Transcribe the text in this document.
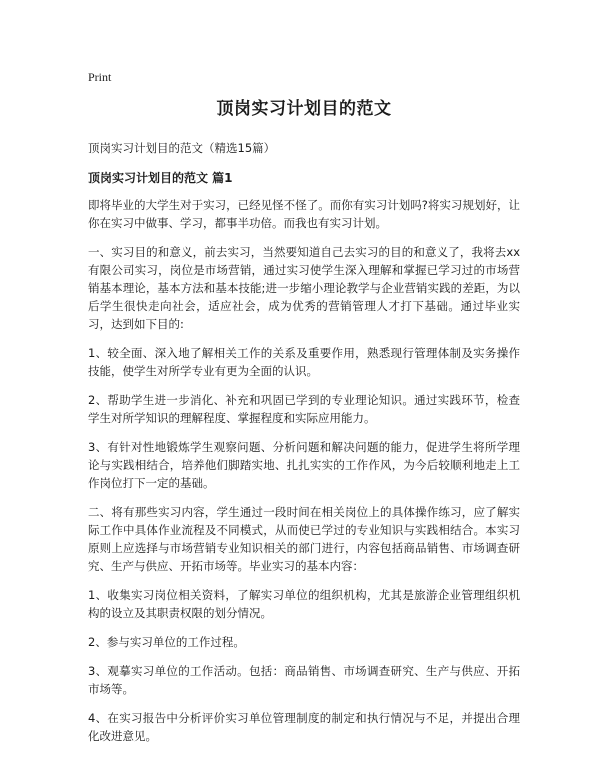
Print
顶岗实习计划目的范文
顶岗实习计划目的范文（精选15篇）
顶岗实习计划目的范文 篇1

即将毕业的大学生对于实习，已经见怪不怪了。而你有实习计划吗?将实习规划好，让你在实习中做事、学习，都事半功倍。而我也有实习计划。

一、实习目的和意义，前去实习，当然要知道自己去实习的目的和意义了，我将去xx有限公司实习，岗位是市场营销，通过实习使学生深入理解和掌握已学习过的市场营销基本理论，基本方法和基本技能;进一步缩小理论教学与企业营销实践的差距，为以后学生很快走向社会，适应社会，成为优秀的营销管理人才打下基础。通过毕业实习，达到如下目的:

1、较全面、深入地了解相关工作的关系及重要作用，熟悉现行管理体制及实务操作技能，使学生对所学专业有更为全面的认识。

2、帮助学生进一步消化、补充和巩固已学到的专业理论知识。通过实践环节，检查学生对所学知识的理解程度、掌握程度和实际应用能力。

3、有针对性地锻炼学生观察问题、分析问题和解决问题的能力，促进学生将所学理论与实践相结合，培养他们脚踏实地、扎扎实实的工作作风，为今后较顺利地走上工作岗位打下一定的基础。

二、将有那些实习内容，学生通过一段时间在相关岗位上的具体操作练习，应了解实际工作中具体作业流程及不同模式，从而使已学过的专业知识与实践相结合。本实习原则上应选择与市场营销专业知识相关的部门进行，内容包括商品销售、市场调查研究、生产与供应、开拓市场等。毕业实习的基本内容：

1、收集实习岗位相关资料，了解实习单位的组织机构，尤其是旅游企业管理组织机构的设立及其职责权限的划分情况。

2、参与实习单位的工作过程。

3、观摹实习单位的工作活动。包括：商品销售、市场调查研究、生产与供应、开拓市场等。

4、在实习报告中分析评价实习单位管理制度的制定和执行情况与不足，并提出合理化改进意见。
